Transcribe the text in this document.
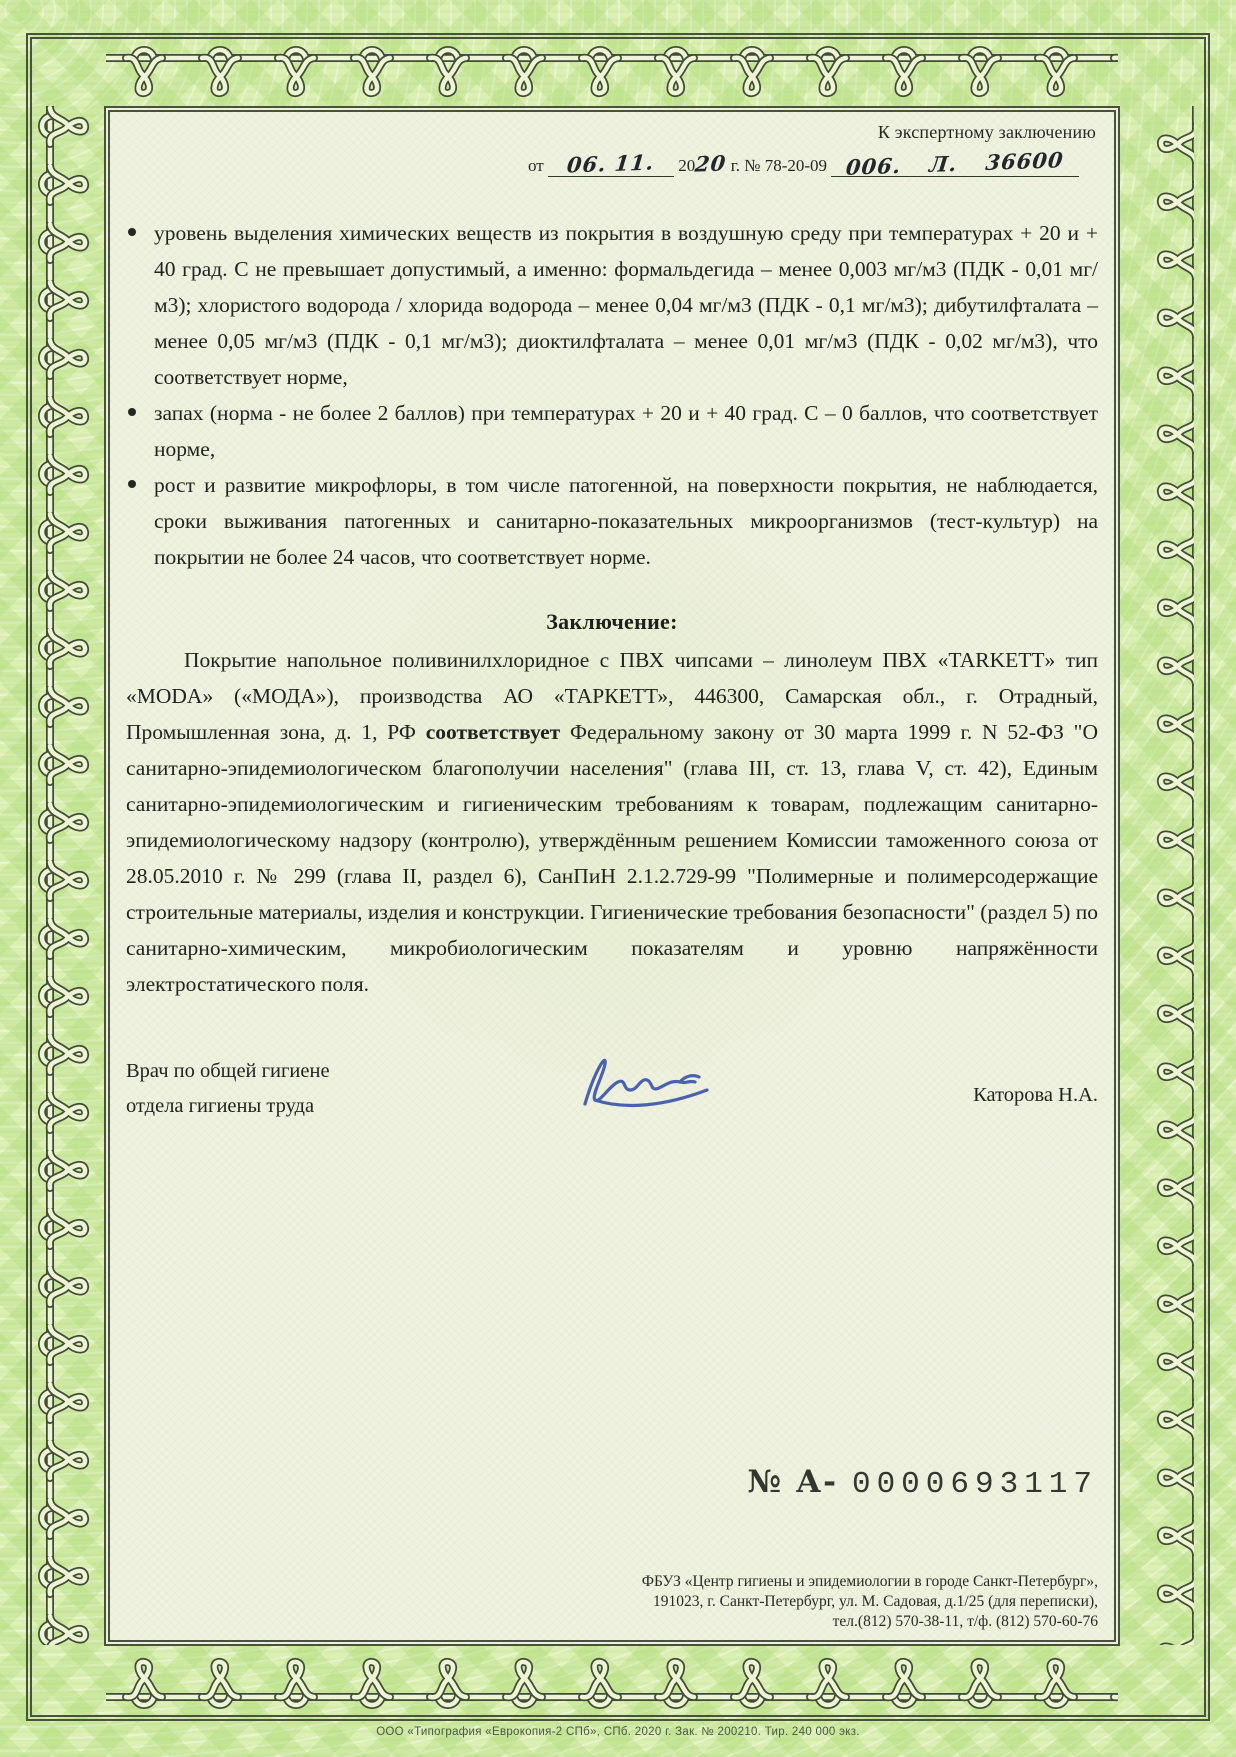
К экспертному заключению
от 06. 11. 2020 г. № 78-20-09 006. Л. 36600
уровень выделения химических веществ из покрытия в воздушную среду при температурах + 20 и + 40 град. С не превышает допустимый, а именно: формальдегида – менее 0,003 мг/м3 (ПДК - 0,01 мг/м3); хлористого водорода / хлорида водорода – менее 0,04 мг/м3 (ПДК - 0,1 мг/м3); дибутилфталата – менее 0,05 мг/м3 (ПДК - 0,1 мг/м3); диоктилфталата – менее 0,01 мг/м3 (ПДК - 0,02 мг/м3), что соответствует норме,
запах (норма - не более 2 баллов) при температурах + 20 и + 40 град. С – 0 баллов, что соответствует норме,
рост и развитие микрофлоры, в том числе патогенной, на поверхности покрытия, не наблюдается, сроки выживания патогенных и санитарно-показательных микроорганизмов (тест-культур) на покрытии не более 24 часов, что соответствует норме.
Заключение:

Покрытие напольное поливинилхлоридное с ПВХ чипсами – линолеум ПВХ «TARKETT» тип «MODA» («МОДА»), производства АО «ТАРКЕТТ», 446300, Самарская обл., г. Отрадный, Промышленная зона, д. 1, РФ соответствует Федеральному закону от 30 марта 1999 г. N 52-ФЗ "О санитарно-эпидемиологическом благополучии населения" (глава III, ст. 13, глава V, ст. 42), Единым санитарно-эпидемиологическим и гигиеническим требованиям к товарам, подлежащим санитарно-эпидемиологическому надзору (контролю), утверждённым решением Комиссии таможенного союза от 28.05.2010 г. № 299 (глава II, раздел 6), СанПиН 2.1.2.729-99 "Полимерные и полимерсодержащие строительные материалы, изделия и конструкции. Гигиенические требования безопасности" (раздел 5) по санитарно-химическим, микробиологическим показателям и уровню напряжённости электростатического поля.

Врач по общей гигиене
отдела гигиены труда	Каторова Н.А.
№ А- 0000693117
ФБУЗ «Центр гигиены и эпидемиологии в городе Санкт-Петербург»,
191023, г. Санкт-Петербург, ул. М. Садовая, д.1/25 (для переписки),
тел.(812) 570-38-11, т/ф. (812) 570-60-76
ООО «Типография «Еврокопия-2 СПб», СПб. 2020 г. Зак. № 200210. Тир. 240 000 экз.
